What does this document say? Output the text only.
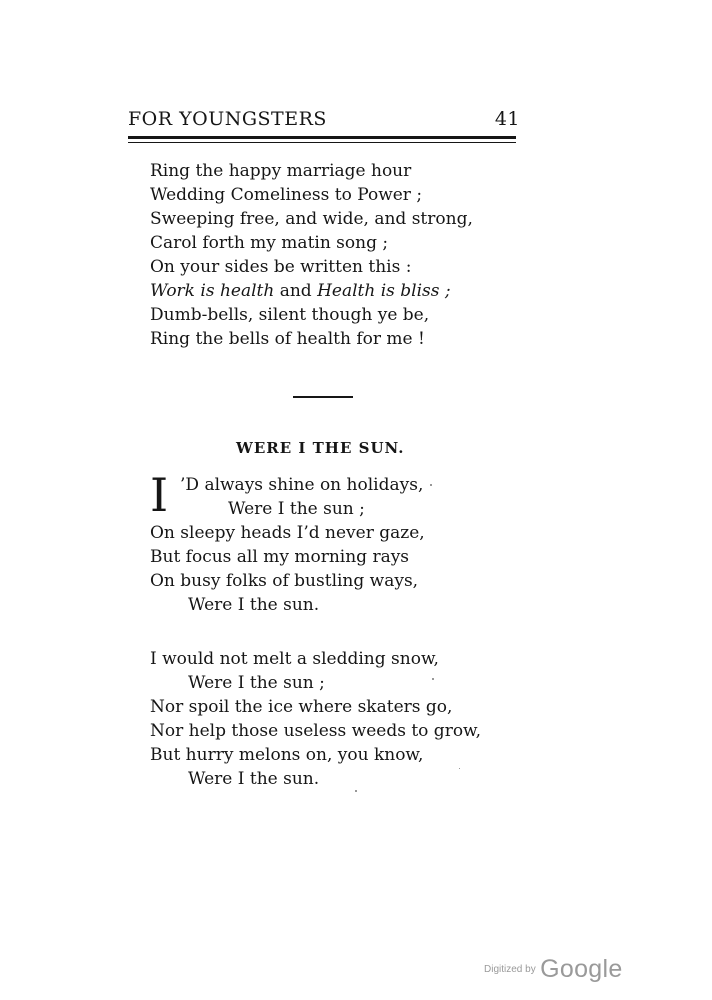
FOR YOUNGSTERS	41
Ring the happy marriage hour
Wedding Comeliness to Power ;
Sweeping free, and wide, and strong,
Carol forth my matin song ;
On your sides be written this :
Work is health and Health is bliss ;
Dumb-bells, silent though ye be,
Ring the bells of health for me !
WERE I THE SUN.
I ’D always shine on holidays,
Were I the sun ;
On sleepy heads I’d never gaze,
But focus all my morning rays
On busy folks of bustling ways,
Were I the sun.
I would not melt a sledding snow,
Were I the sun ;
Nor spoil the ice where skaters go,
Nor help those useless weeds to grow,
But hurry melons on, you know,
Were I the sun.
Digitized by Google
